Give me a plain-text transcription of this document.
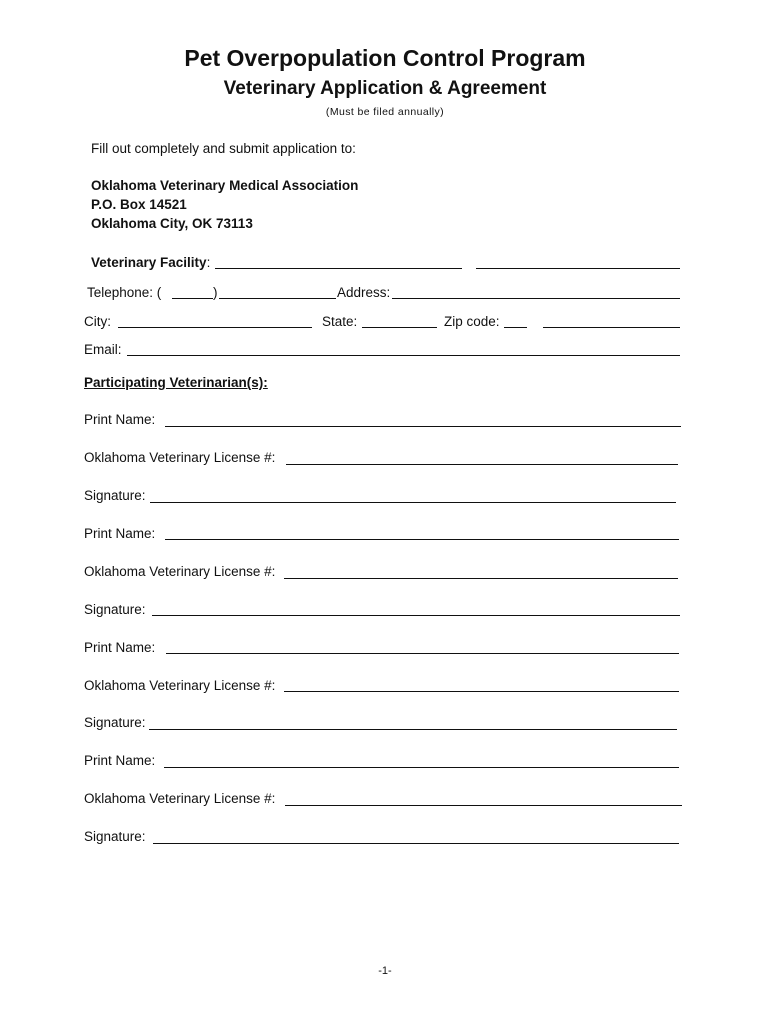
Pet Overpopulation Control Program
Veterinary Application & Agreement
(Must be filed annually)
Fill out completely and submit application to:
Oklahoma Veterinary Medical Association
P.O. Box 14521
Oklahoma City, OK 73113
Veterinary Facility:
Telephone: (	)	Address:
City:	State:	Zip code:
Email:
Participating Veterinarian(s):
Print Name:
Oklahoma Veterinary License #:
Signature:
Print Name:
Oklahoma Veterinary License #:
Signature:
Print Name:
Oklahoma Veterinary License #:
Signature:
Print Name:
Oklahoma Veterinary License #:
Signature:
-1-
